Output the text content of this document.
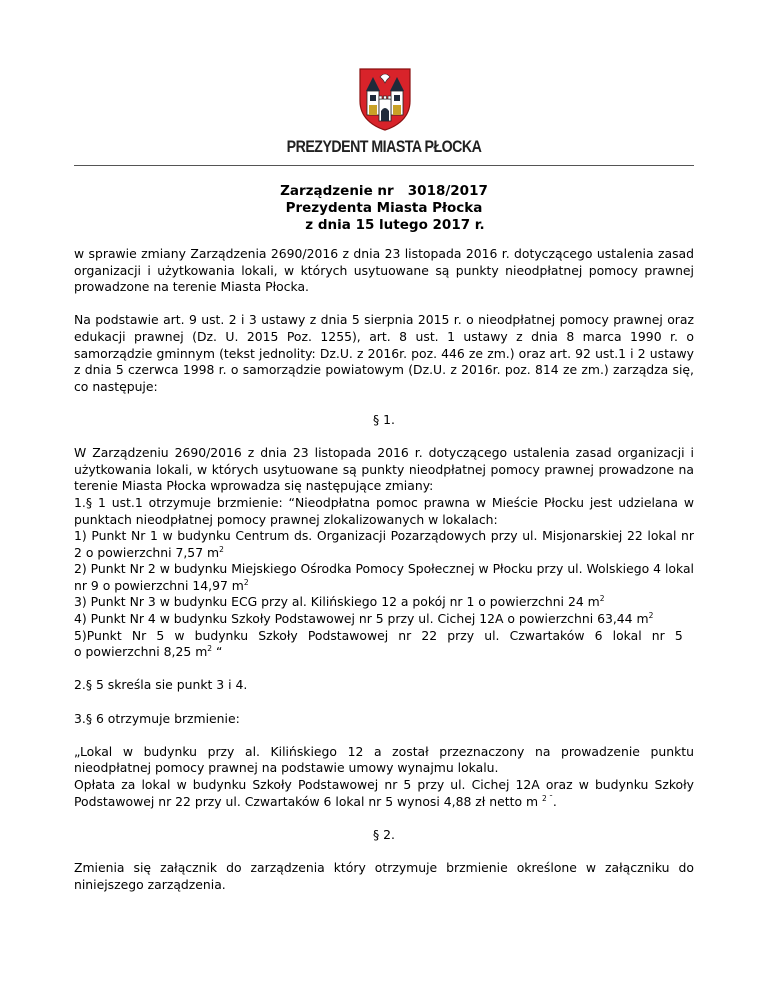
PREZYDENT MIASTA PŁOCKA
Zarządzenie nr   3018/2017
Prezydenta Miasta Płocka
z dnia 15 lutego 2017 r.

w sprawie zmiany Zarządzenia 2690/2016 z dnia 23 listopada 2016 r. dotyczącego ustalenia zasad organizacji i użytkowania lokali, w których usytuowane są punkty nieodpłatnej pomocy prawnej prowadzone na terenie Miasta Płocka.

Na podstawie art. 9 ust. 2 i 3 ustawy z dnia 5 sierpnia 2015 r. o nieodpłatnej pomocy prawnej oraz edukacji prawnej (Dz. U. 2015 Poz. 1255), art. 8 ust. 1 ustawy z dnia 8 marca 1990 r. o samorządzie gminnym (tekst jednolity: Dz.U. z 2016r. poz. 446 ze zm.) oraz art. 92 ust.1 i 2 ustawy z dnia 5 czerwca 1998 r. o samorządzie powiatowym (Dz.U. z 2016r. poz. 814 ze zm.) zarządza się, co następuje:

§ 1.
W Zarządzeniu 2690/2016 z dnia 23 listopada 2016 r. dotyczącego ustalenia zasad organizacji i użytkowania lokali, w których usytuowane są punkty nieodpłatnej pomocy prawnej prowadzone na terenie Miasta Płocka wprowadza się następujące zmiany:
1.§ 1 ust.1 otrzymuje brzmienie: “Nieodpłatna pomoc prawna w Mieście Płocku jest udzielana w punktach nieodpłatnej pomocy prawnej zlokalizowanych w lokalach:
1) Punkt Nr 1 w budynku Centrum ds. Organizacji Pozarządowych przy ul. Misjonarskiej 22 lokal nr 2 o powierzchni 7,57 $m^2$
2) Punkt Nr 2 w budynku Miejskiego Ośrodka Pomocy Społecznej w Płocku przy ul. Wolskiego 4 lokal nr 9 o powierzchni 14,97 $m^2$
3) Punkt Nr 3 w budynku ECG przy al. Kilińskiego 12 a pokój nr 1 o powierzchni 24 $m^2$
4) Punkt Nr 4 w budynku Szkoły Podstawowej nr 5 przy ul. Cichej 12A o powierzchni 63,44 $m^2$
5)Punkt Nr 5 w budynku Szkoły Podstawowej nr 22 przy ul. Czwartaków 6 lokal nr 5
o powierzchni 8,25 $m^2$ “

2.§ 5 skreśla sie punkt 3 i 4.

3.§ 6 otrzymuje brzmienie:

„Lokal w budynku przy al. Kilińskiego 12 a został przeznaczony na prowadzenie punktu nieodpłatnej pomocy prawnej na podstawie umowy wynajmu lokalu.
Opłata za lokal w budynku Szkoły Podstawowej nr 5 przy ul. Cichej 12A oraz w budynku Szkoły Podstawowej nr 22 przy ul. Czwartaków 6 lokal nr 5 wynosi 4,88 zł netto m $^{2 ˜}$.
§ 2.

Zmienia się załącznik do zarządzenia który otrzymuje brzmienie określone w załączniku do niniejszego zarządzenia.
